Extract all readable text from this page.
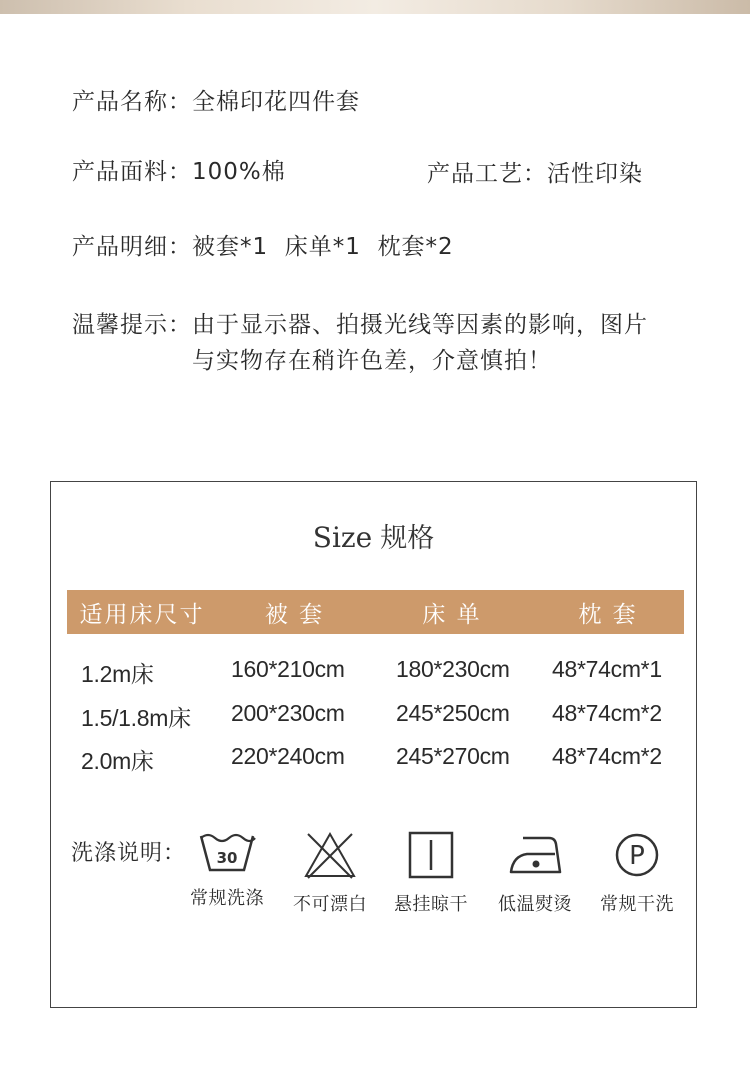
产品名称：全棉印花四件套
产品面料：100%棉	产品工艺：活性印染
产品明细：被套*1  床单*1  枕套*2
温馨提示： 由于显示器、拍摄光线等因素的影响，图片
与实物存在稍许色差，介意慎拍！
Size 规格
适用床尺寸	被 套	床 单	枕 套
1.2m床	160*210cm	180*230cm	48*74cm*1
1.5/1.8m床	200*230cm	245*250cm	48*74cm*2
2.0m床	220*240cm	245*270cm	48*74cm*2
洗涤说明： 30
常规洗涤	不可漂白	悬挂晾干	低温熨烫
P
常规干洗
